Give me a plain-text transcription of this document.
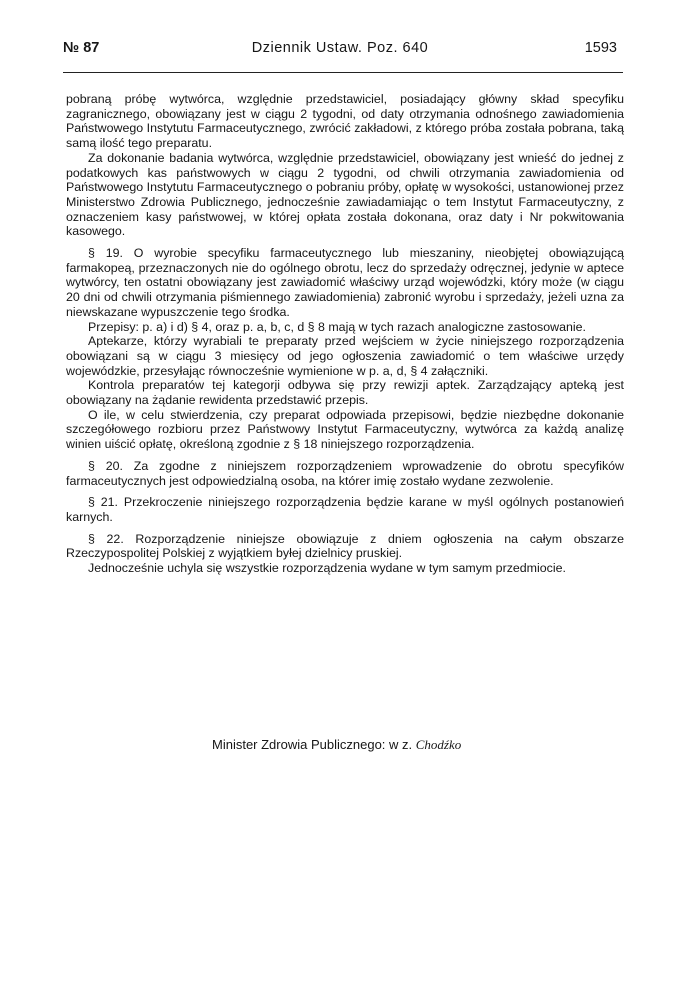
№ 87	Dziennik Ustaw. Poz. 640	1593

pobraną próbę wytwórca, względnie przedstawiciel, posiadający główny skład specyfiku zagranicznego, obowiązany jest w ciągu 2 tygodni, od daty otrzymania odnośnego zawiadomienia Państwowego Instytutu Farmaceutycznego, zwrócić zakładowi, z którego próba została pobrana, taką samą ilość tego preparatu.

Za dokonanie badania wytwórca, względnie przedstawiciel, obowiązany jest wnieść do jednej z podatkowych kas państwowych w ciągu 2 tygodni, od chwili otrzymania zawiadomienia od Państwowego Instytutu Farmaceutycznego o pobraniu próby, opłatę w wysokości, ustanowionej przez Ministerstwo Zdrowia Publicznego, jednocześnie zawiadamiając o tem Instytut Farmaceutyczny, z oznaczeniem kasy państwowej, w której opłata została dokonana, oraz daty i Nr pokwitowania kasowego.

§ 19. O wyrobie specyfiku farmaceutycznego lub mieszaniny, nieobjętej obowiązującą farmakopeą, przeznaczonych nie do ogólnego obrotu, lecz do sprzedaży odręcznej, jedynie w aptece wytwórcy, ten ostatni obowiązany jest zawiadomić właściwy urząd wojewódzki, który może (w ciągu 20 dni od chwili otrzymania piśmiennego zawiadomienia) zabronić wyrobu i sprzedaży, jeżeli uzna za niewskazane wypuszczenie tego środka.

Przepisy: p. a) i d) § 4, oraz p. a, b, c, d § 8 mają w tych razach analogiczne zastosowanie.

Aptekarze, którzy wyrabiali te preparaty przed wejściem w życie niniejszego rozporządzenia obowiązani są w ciągu 3 miesięcy od jego ogłoszenia zawiadomić o tem właściwe urzędy wojewódzkie, przesyłając równocześnie wymienione w p. a, d, § 4 załączniki.

Kontrola preparatów tej kategorji odbywa się przy rewizji aptek. Zarządzający apteką jest obowiązany na żądanie rewidenta przedstawić przepis.

O ile, w celu stwierdzenia, czy preparat odpowiada przepisowi, będzie niezbędne dokonanie szczegółowego rozbioru przez Państwowy Instytut Farmaceutyczny, wytwórca za każdą analizę winien uiścić opłatę, określoną zgodnie z § 18 niniejszego rozporządzenia.

§ 20. Za zgodne z niniejszem rozporządzeniem wprowadzenie do obrotu specyfików farmaceutycznych jest odpowiedzialną osoba, na którer imię zostało wydane zezwolenie.

§ 21. Przekroczenie niniejszego rozporządzenia będzie karane w myśl ogólnych postanowień karnych.

§ 22. Rozporządzenie niniejsze obowiązuje z dniem ogłoszenia na całym obszarze Rzeczypospolitej Polskiej z wyjątkiem byłej dzielnicy pruskiej.

Jednocześnie uchyla się wszystkie rozporządzenia wydane w tym samym przedmiocie.

Minister Zdrowia Publicznego: w z. Chodźko
